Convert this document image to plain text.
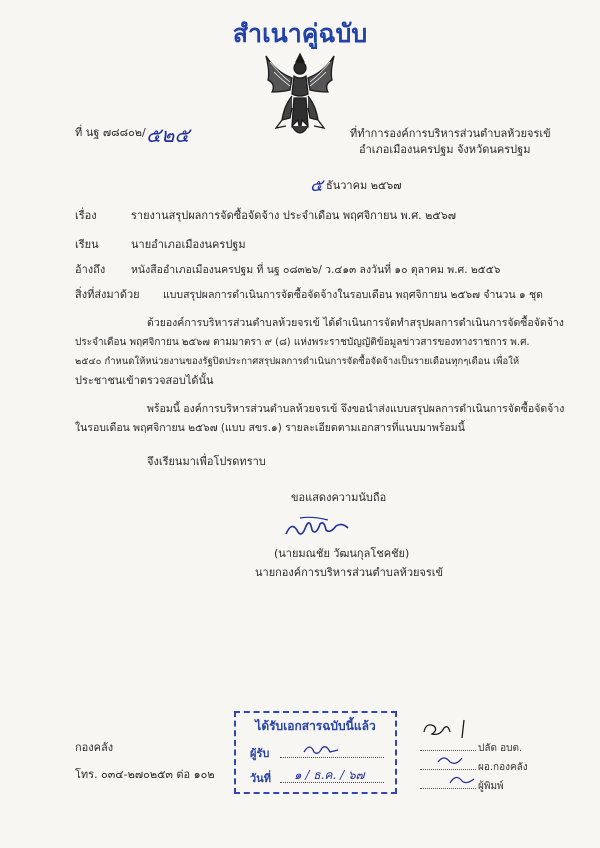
สำเนาคู่ฉบับ
ที่ นฐ ๗๘๘๐๒/ ๕๒๕	ที่ทำการองค์การบริหารส่วนตำบลห้วยจรเข้
อำเภอเมืองนครปฐม จังหวัดนครปฐม
๕ ธันวาคม ๒๕๖๗
เรื่อง	รายงานสรุปผลการจัดซื้อจัดจ้าง ประจำเดือน พฤศจิกายน พ.ศ. ๒๕๖๗
เรียน	นายอำเภอเมืองนครปฐม
อ้างถึง หนังสืออำเภอเมืองนครปฐม ที่ นฐ ๐๘๓๒๖/ ว.๔๑๓ ลงวันที่ ๑๐ ตุลาคม พ.ศ. ๒๕๕๖
สิ่งที่ส่งมาด้วย แบบสรุปผลการดำเนินการจัดซื้อจัดจ้างในรอบเดือน พฤศจิกายน ๒๕๖๗ จำนวน ๑ ชุด
ด้วยองค์การบริหารส่วนตำบลห้วยจรเข้ ได้ดำเนินการจัดทำสรุปผลการดำเนินการจัดซื้อจัดจ้าง
ประจำเดือน พฤศจิกายน ๒๕๖๗ ตามมาตรา ๙ (๘) แห่งพระราชบัญญัติข้อมูลข่าวสารของทางราชการ พ.ศ.
๒๕๔๐ กำหนดให้หน่วยงานของรัฐปิดประกาศสรุปผลการดำเนินการจัดซื้อจัดจ้างเป็นรายเดือนทุกๆเดือน เพื่อให้
ประชาชนเข้าตรวจสอบได้นั้น
พร้อมนี้ องค์การบริหารส่วนตำบลห้วยจรเข้ จึงขอนำส่งแบบสรุปผลการดำเนินการจัดซื้อจัดจ้าง
ในรอบเดือน พฤศจิกายน ๒๕๖๗ (แบบ สขร.๑) รายละเอียดตามเอกสารที่แนบมาพร้อมนี้
จึงเรียนมาเพื่อโปรดทราบ
ขอแสดงความนับถือ
(นายมณชัย วัฒนกุลโชคชัย)
นายกองค์การบริหารส่วนตำบลห้วยจรเข้
กองคลัง
โทร. ๐๓๔-๒๗๐๒๕๓ ต่อ ๑๐๒
ได้รับเอกสารฉบับนี้แล้ว
ผู้รับ
วันที่ ๑ / ธ.ค. / ๖๗
ปลัด อบต.
ผอ.กองคลัง
ผู้พิมพ์
